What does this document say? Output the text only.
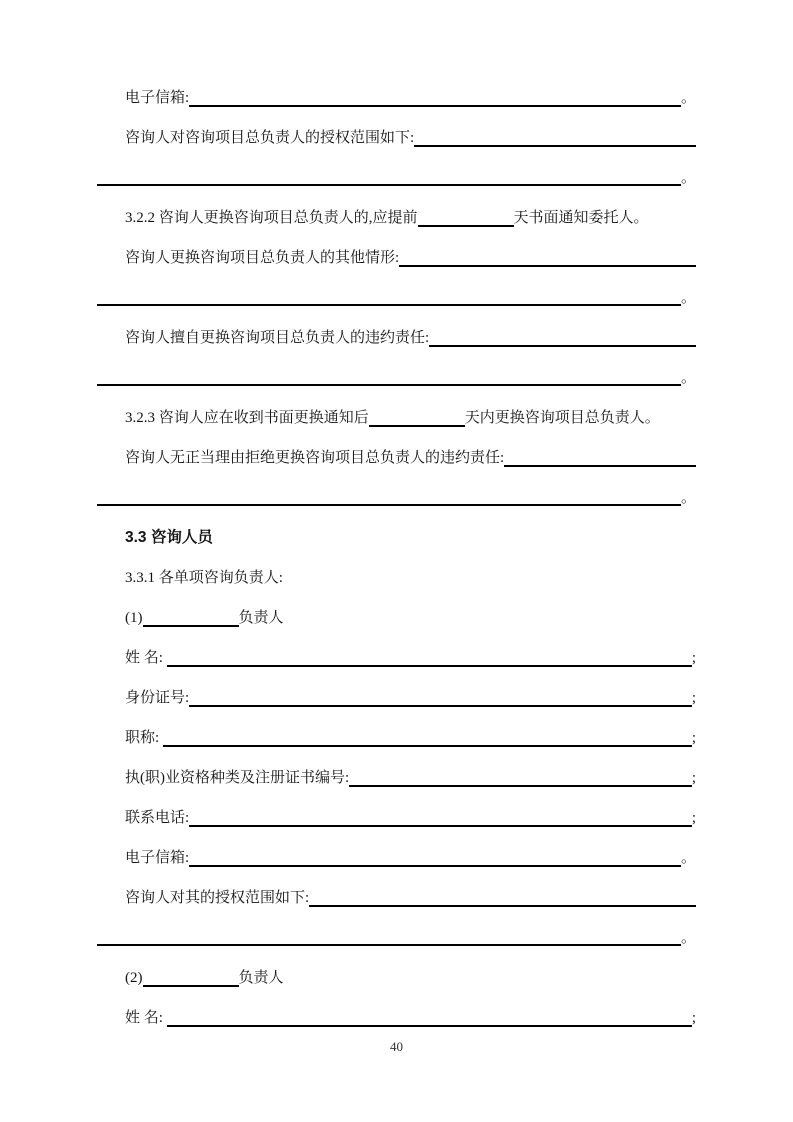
电子信箱:	。
咨询人对咨询项目总负责人的授权范围如下:
。
3.2.2 咨询人更换咨询项目总负责人的,应提前	天书面通知委托人。
咨询人更换咨询项目总负责人的其他情形:
。
咨询人擅自更换咨询项目总负责人的违约责任:
。
3.2.3 咨询人应在收到书面更换通知后	天内更换咨询项目总负责人。
咨询人无正当理由拒绝更换咨询项目总负责人的违约责任:
。
3.3 咨询人员
3.3.1 各单项咨询负责人:
(1)	负责人
姓 名:	;
身份证号:	;
职称:	;
执(职)业资格种类及注册证书编号:	;
联系电话:	;
电子信箱:	。
咨询人对其的授权范围如下:
。
(2)	负责人
姓 名:	;
40
